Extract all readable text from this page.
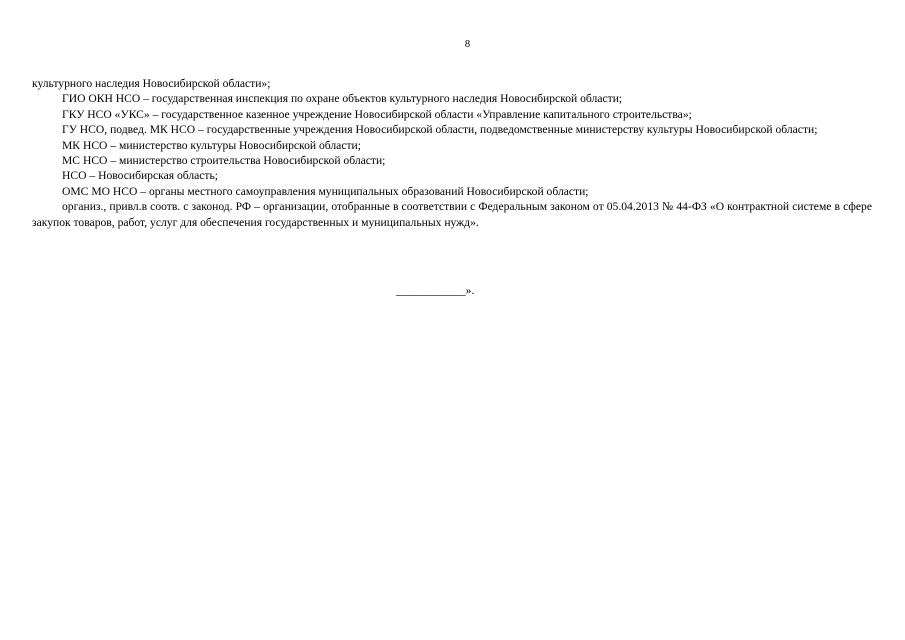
8

культурного наследия Новосибирской области»;

ГИО ОКН НСО – государственная инспекция по охране объектов культурного наследия Новосибирской области;

ГКУ НСО «УКС» – государственное казенное учреждение Новосибирской области «Управление капитального строительства»;

ГУ НСО, подвед. МК НСО – государственные учреждения Новосибирской области, подведомственные министерству культуры Новосибирской области;

МК НСО – министерство культуры Новосибирской области;

МС НСО – министерство строительства Новосибирской области;

НСО – Новосибирская область;

ОМС МО НСО – органы местного самоуправления муниципальных образований Новосибирской области;

организ., привл.в соотв. с законод. РФ – организации, отобранные в соответствии с Федеральным законом от 05.04.2013 № 44-ФЗ «О контрактной системе в сфере закупок товаров, работ, услуг для обеспечения государственных и муниципальных нужд».

____________».
